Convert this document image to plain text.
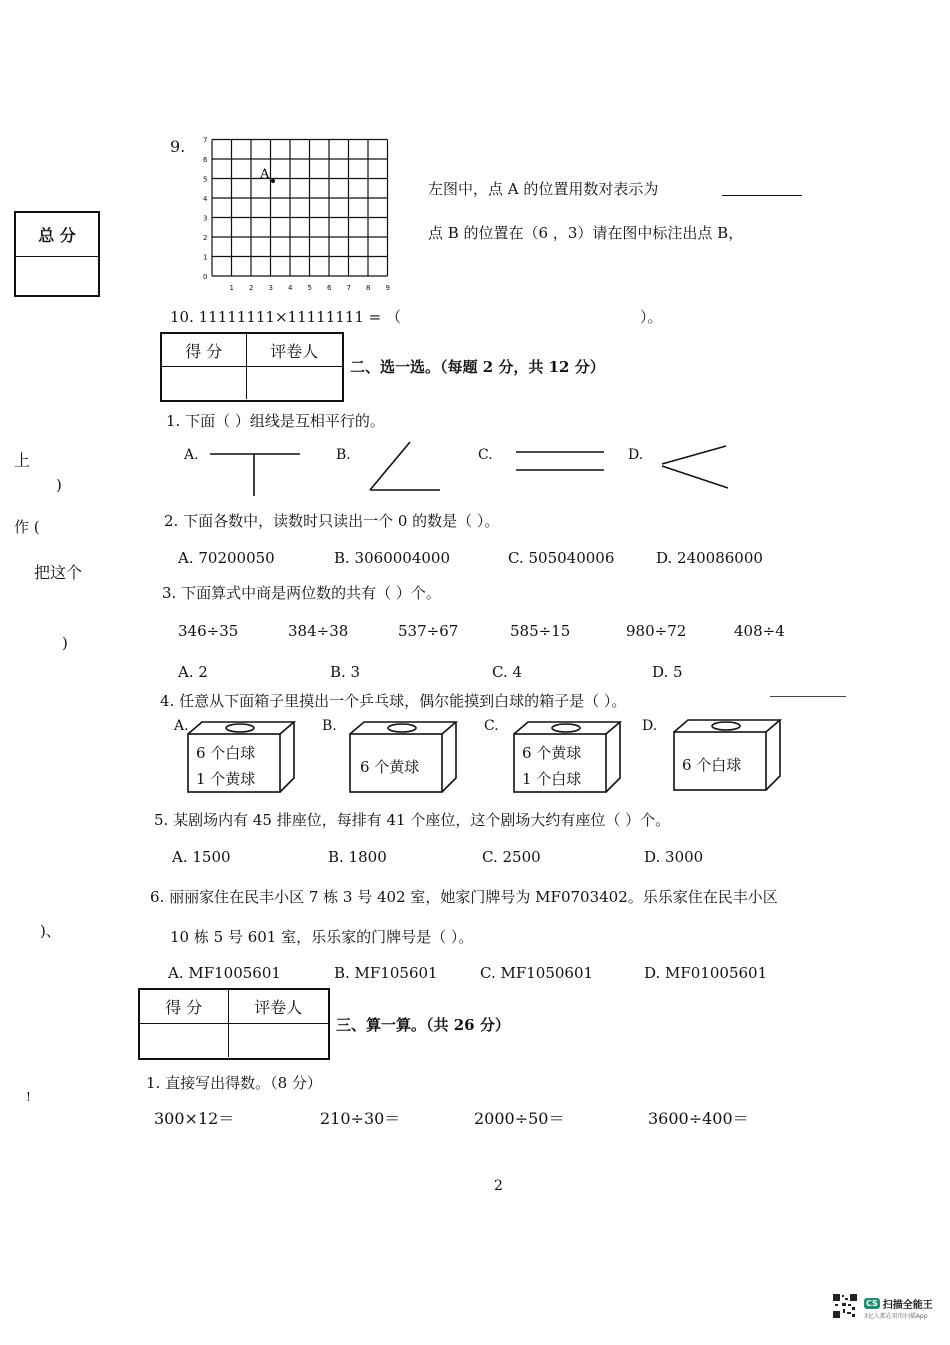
总 分
上
)
作 (
把这个
)
)、
!
9.
1 2 3 4 5 6 7 8 9
1
2
3
4
5
6
7
0
A
左图中，点 A 的位置用数对表示为
点 B 的位置在（6 ，3）请在图中标注出点 B，
10. 11111111×11111111 = （	）。
得 分	评卷人
二、选一选。（每题 2 分，共 12 分）
1. 下面（ ）组线是互相平行的。
A.	B.	C.	D.
2. 下面各数中，读数时只读出一个 0 的数是（ ）。
A. 70200050	B. 3060004000	C. 505040006	D. 240086000
3. 下面算式中商是两位数的共有（ ）个。
346÷35	384÷38	537÷67	585÷15	980÷72	408÷4
A. 2	B. 3	C. 4	D. 5
4. 任意从下面箱子里摸出一个乒乓球，偶尔能摸到白球的箱子是（ ）。
A.	B.	C.	D.
6 个白球
1 个黄球
6 个黄球
6 个黄球
1 个白球
6 个白球
5. 某剧场内有 45 排座位，每排有 41 个座位，这个剧场大约有座位（ ）个。
A. 1500	B. 1800	C. 2500	D. 3000
6. 丽丽家住在民丰小区 7 栋 3 号 402 室，她家门牌号为 MF0703402。乐乐家住在民丰小区
10 栋 5 号 601 室，乐乐家的门牌号是（ ）。
A. MF1005601	B. MF105601	C. MF1050601	D. MF01005601
得 分	评卷人
三、算一算。（共 26 分）
1. 直接写出得数。（8 分）
300×12＝	210÷30＝	2000÷50＝	3600÷400＝
2
CS 扫描全能王
3亿人都在用的扫描App
